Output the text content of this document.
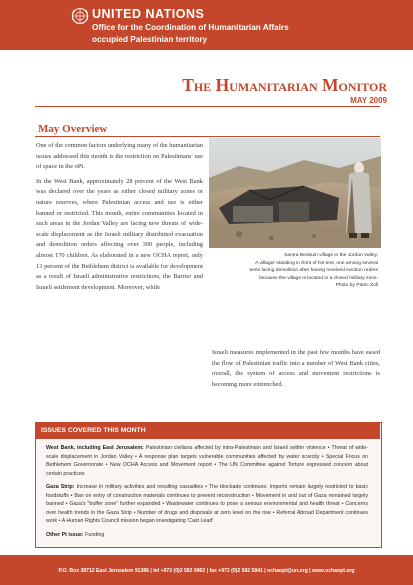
UNITED NATIONS
Office for the Coordination of Humanitarian Affairs
occupied Palestinian territory
The Humanitarian Monitor
MAY 2009
May Overview

One of the common factors underlying many of the humanitarian issues addressed this month is the restriction on Palestinians' use of space in the oPt.

In the West Bank, approximately 28 percent of the West Bank was declared over the years as either closed military zones or nature reserves, where Palestinian access and use is either banned or restricted. This month, entire communities located in such areas in the Jordan Valley are facing new threats of wide-scale displacement as the Israeli military distributed evacuation and demolition orders affecting over 300 people, including almost 170 children. As elaborated in a new OCHA report, only 13 percent of the Bethlehem district is available for development as a result of Israeli administrative restrictions, the Barrier and Israeli settlement development. Moreover, while

Samra Bedouin village in the Jordan Valley.
A villager standing in front of his tent, one among several
tents facing demolition after having received eviction orders
because the village is located in a closed military zone.
Photo by Patric Zoll
Israeli measures implemented in the past few months have eased the flow of Palestinian traffic into a number of West Bank cities, overall, the system of access and movement restrictions is becoming more entrenched.
ISSUES COVERED THIS MONTH

West Bank, including East Jerusalem: Palestinian civilians affected by intra-Palestinian and Israeli settler violence • Threat of wide-scale displacement in Jordan Valley • A response plan targets vulnerable communities affected by water scarcity • Special Focus on Bethlehem Governorate • New OCHA Access and Movement report • The UN Committee against Torture expressed concern about certain practices

Gaza Strip: Increase in military activities and resulting casualties • The blockade continues: Imports remain largely restricted to basic foodstuffs • Ban on entry of construction materials continues to prevent reconstruction • Movement in and out of Gaza remained largely banned • Gaza's "buffer zone" further expanded • Wastewater continues to pose a serious environmental and health threat • Concerns over health trends in the Gaza Strip • Number of drugs and disposals at zero level on the rise • Referral Abroad Department continues work • A Human Rights Council mission began investigating 'Cast Lead'

Other Pt issue: Funding

P.O. Box 38712 East Jerusalem 91386 | tel +972 (0)2 582 9962 | fax +972 (0)2 582 5841 | ochaopt@un.org | www.ochaopt.org
